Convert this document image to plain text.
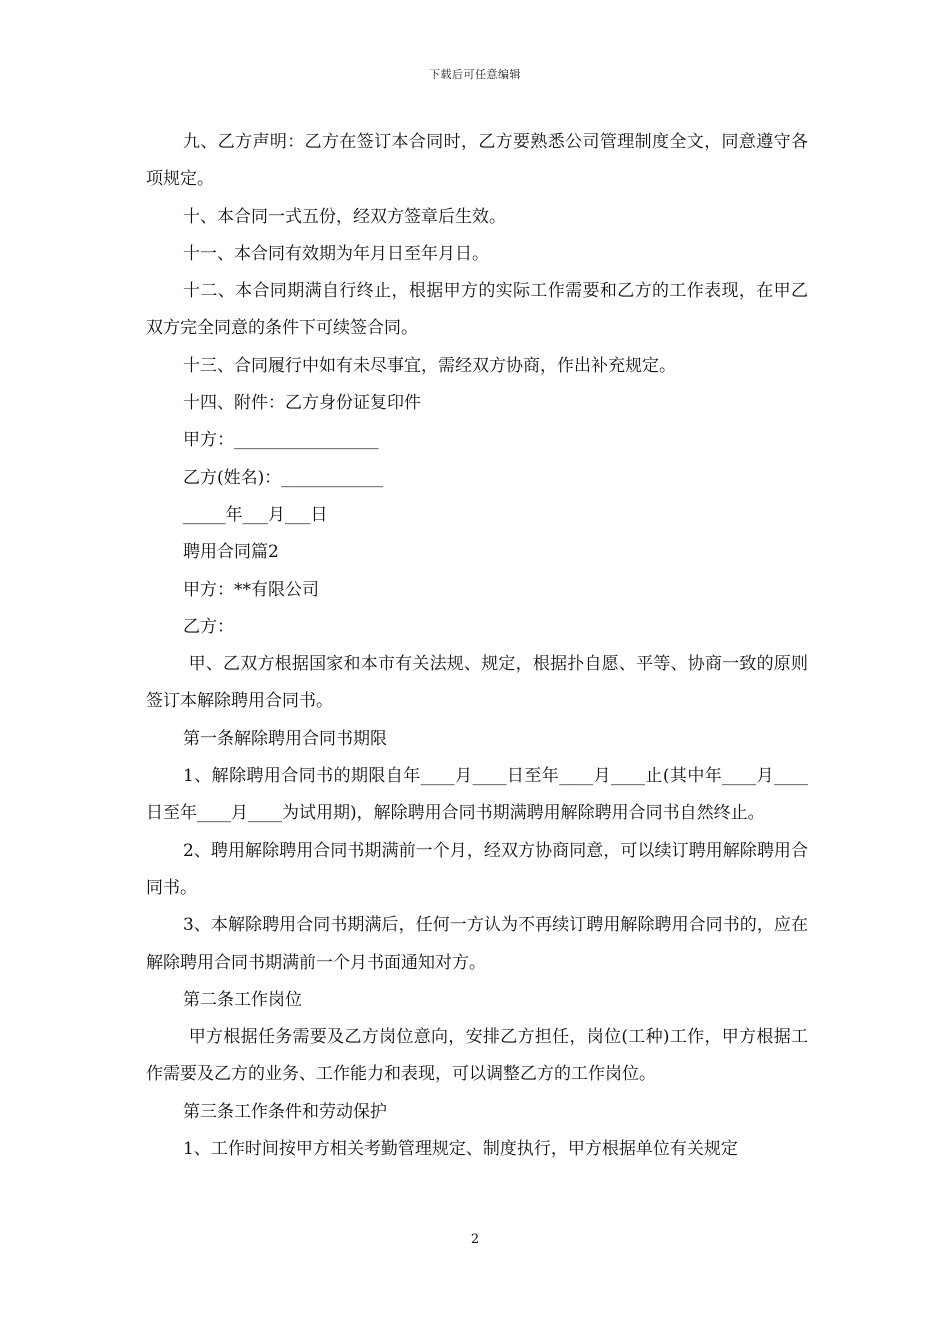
下载后可任意编辑

九、乙方声明：乙方在签订本合同时，乙方要熟悉公司管理制度全文，同意遵守各项规定。

十、本合同一式五份，经双方签章后生效。

十一、本合同有效期为年月日至年月日。

十二、本合同期满自行终止，根据甲方的实际工作需要和乙方的工作表现，在甲乙双方完全同意的条件下可续签合同。

十三、合同履行中如有未尽事宜，需经双方协商，作出补充规定。

十四、附件：乙方身份证复印件

甲方：_________________

乙方(姓名)：____________

_____年___月___日

聘用合同篇2

甲方：**有限公司

乙方：

甲、乙双方根据国家和本市有关法规、规定，根据扑自愿、平等、协商一致的原则签订本解除聘用合同书。

第一条解除聘用合同书期限

1、解除聘用合同书的期限自年____月____日至年____月____止(其中年____月____日至年____月____为试用期)，解除聘用合同书期满聘用解除聘用合同书自然终止。

2、聘用解除聘用合同书期满前一个月，经双方协商同意，可以续订聘用解除聘用合同书。

3、本解除聘用合同书期满后，任何一方认为不再续订聘用解除聘用合同书的，应在解除聘用合同书期满前一个月书面通知对方。

第二条工作岗位

甲方根据任务需要及乙方岗位意向，安排乙方担任，岗位(工种)工作，甲方根据工作需要及乙方的业务、工作能力和表现，可以调整乙方的工作岗位。

第三条工作条件和劳动保护

1、工作时间按甲方相关考勤管理规定、制度执行，甲方根据单位有关规定

2
